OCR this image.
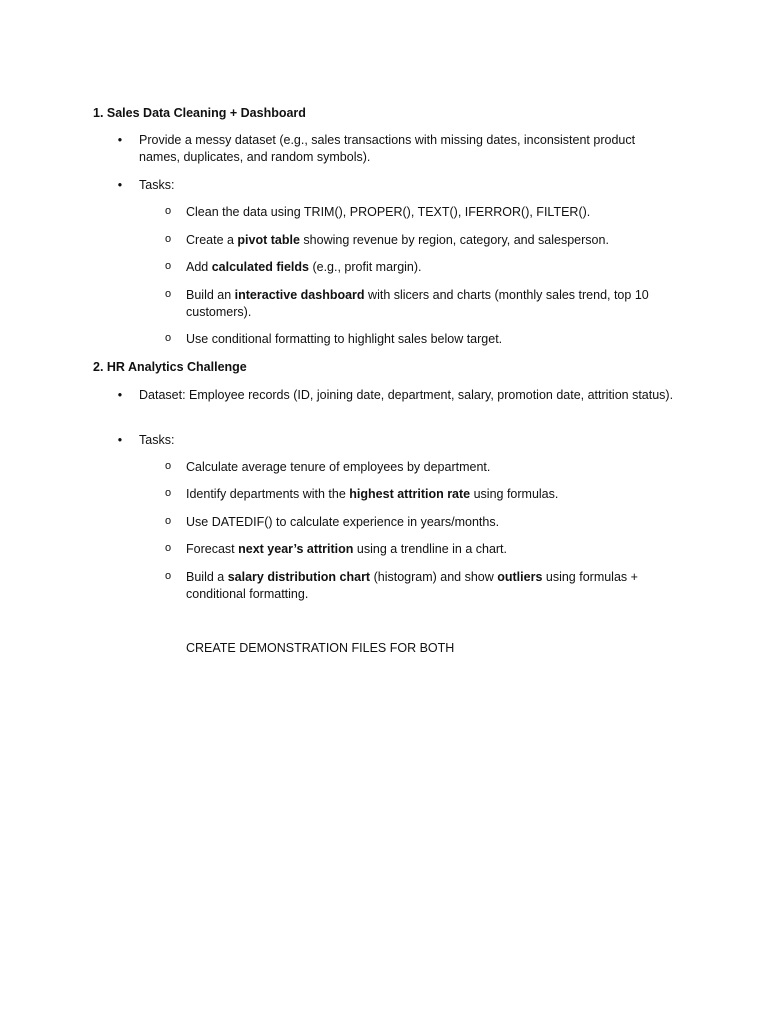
1. Sales Data Cleaning + Dashboard

• Provide a messy dataset (e.g., sales transactions with missing dates, inconsistent product names, duplicates, and random symbols).
• Tasks:
o Clean the data using TRIM(), PROPER(), TEXT(), IFERROR(), FILTER().
o Create a pivot table showing revenue by region, category, and salesperson.
o Add calculated fields (e.g., profit margin).
o Build an interactive dashboard with slicers and charts (monthly sales trend, top 10 customers).
o Use conditional formatting to highlight sales below target.

2. HR Analytics Challenge

• Dataset: Employee records (ID, joining date, department, salary, promotion date, attrition status).
• Tasks:
o Calculate average tenure of employees by department.
o Identify departments with the highest attrition rate using formulas.
o Use DATEDIF() to calculate experience in years/months.
o Forecast next year’s attrition using a trendline in a chart.
o Build a salary distribution chart (histogram) and show outliers using formulas + conditional formatting.
CREATE DEMONSTRATION FILES FOR BOTH
